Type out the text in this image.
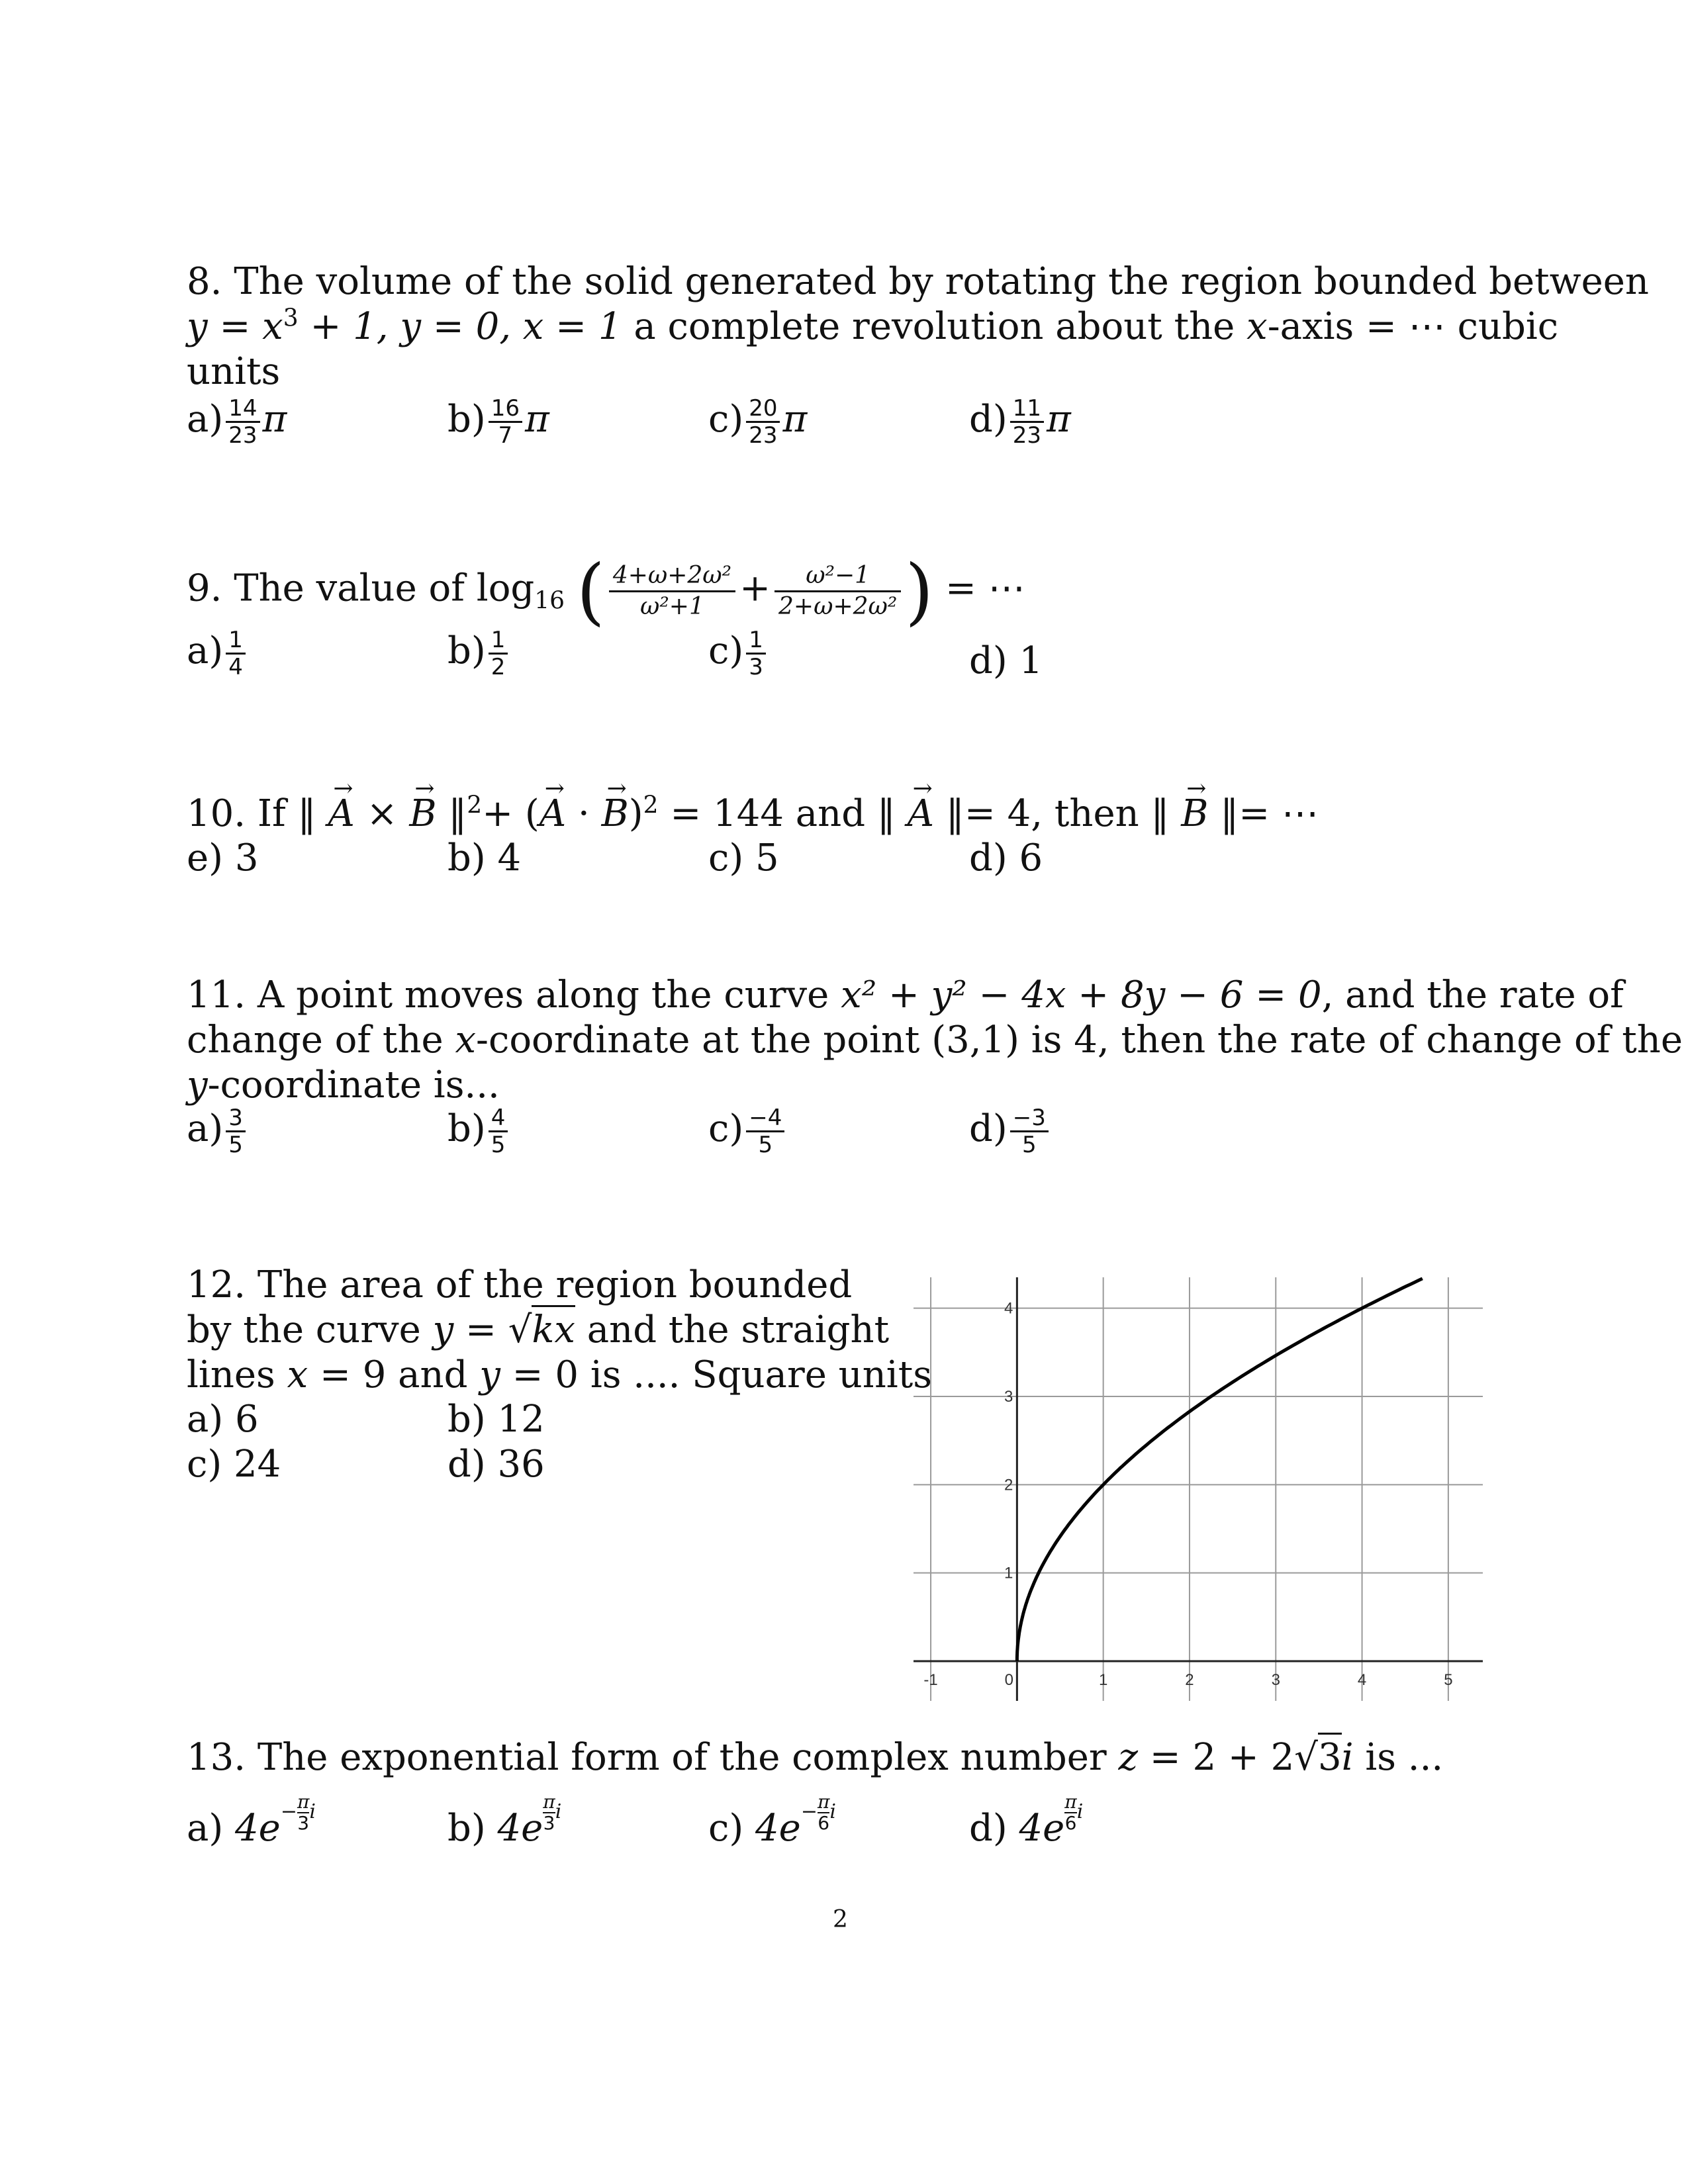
8. The volume of the solid generated by rotating the region bounded between
$y = x^3 + 1$, y = 0, x = 1 a complete revolution about the x-axis = ⋯ cubic
units
$a) \frac{14}{23}$ π	$b) \frac{16}{7}$ π	$c) \frac{20}{23}$ π	$d) \frac{11}{23}$ π
9. The value of $\log_{16}$ ( $\frac{\text{4+ω+2ω²}}{\text{ω²+1}} + \frac{\text{ω²−1}}{\text{2+ω+2ω²}}$ ) = ⋯
$a) \frac{1}{4}$	$b) \frac{1}{2}$	$c) \frac{1}{3}$	d) 1
10. If ‖ → A × → B ‖$^2$+ (→ A · → B)$^2$ = 144 and ‖ → A ‖= 4, then ‖ → B ‖= ⋯
e) 3	b) 4	c) 5	d) 6
11. A point moves along the curve x² + y² − 4x + 8y − 6 = 0, and the rate of
change of the x-coordinate at the point (3,1) is 4, then the rate of change of the
y-coordinate is...
$a) \frac{3}{5}$	$b) \frac{4}{5}$	$c) \frac{-4}{5}$	$d) \frac{-3}{5}$
12. The area of the region bounded
by the curve y = √kx and the straight
lines x = 9 and y = 0 is .... Square units
a) 6	b) 12
c) 24	d) 36
-1	0	1	2	3	4	5
1
2
3
4
13. The exponential form of the complex number z = 2 + 2√3i is ...
a) $4e- \frac{\pi}{3}$ i	b) $4e \frac{\pi}{3}$ i	c) $4e- \frac{\pi}{6}$ i	d) $4e \frac{\pi}{6}$ i
2
